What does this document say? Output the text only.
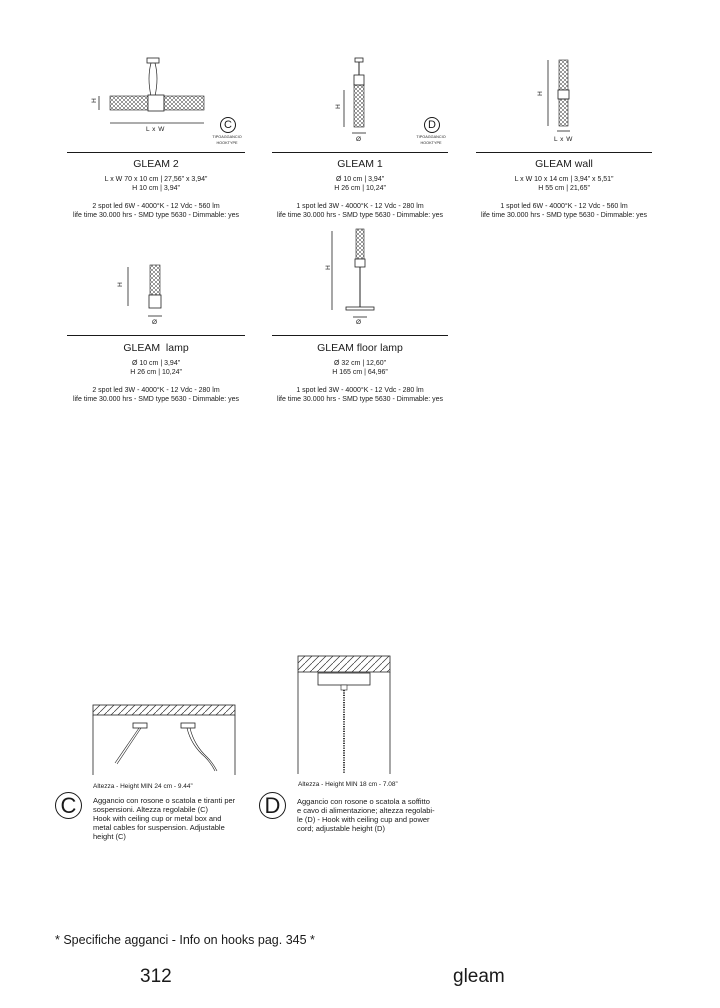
H
L x W	C
TIPOAGGANCIO
HOOKTYPE
GLEAM 2
L x W 70 x 10 cm | 27,56” x 3,94”
H 10 cm | 3,94”
2 spot led 6W - 4000°K - 12 Vdc - 560 lm
life time 30.000 hrs - SMD type 5630 - Dimmable: yes
H
Ø
D
TIPOAGGANCIO
HOOKTYPE
GLEAM 1
Ø 10 cm | 3,94”
H 26 cm | 10,24”
1 spot led 3W - 4000°K - 12 Vdc - 280 lm
life time 30.000 hrs - SMD type 5630 - Dimmable: yes
H
L x W
GLEAM wall
L x W 10 x 14 cm | 3,94” x 5,51”
H 55 cm | 21,65”
1 spot led 6W - 4000°K - 12 Vdc - 560 lm
life time 30.000 hrs - SMD type 5630 - Dimmable: yes
H
Ø
GLEAM  lamp
Ø 10 cm | 3,94”
H 26 cm | 10,24”
2 spot led 3W - 4000°K - 12 Vdc - 280 lm
life time 30.000 hrs - SMD type 5630 - Dimmable: yes
H
Ø
GLEAM floor lamp
Ø 32 cm | 12,60”
H 165 cm | 64,96”
1 spot led 3W - 4000°K - 12 Vdc - 280 lm
life time 30.000 hrs - SMD type 5630 - Dimmable: yes
Altezza - Height MIN 24 cm - 9.44”
C Aggancio con rosone o scatola e tiranti per
sospensioni. Altezza regolabile (C)
Hook with ceiling cup or metal box and
metal cables for suspension. Adjustable
height (C)
Altezza - Height MIN 18 cm - 7.08”
D Aggancio con rosone o scatola a soffitto
e cavo di alimentazione; altezza regolabi-
le (D) - Hook with ceiling cup and power
cord; adjustable height (D)
* Specifiche agganci - Info on hooks pag. 345 *
312	gleam
